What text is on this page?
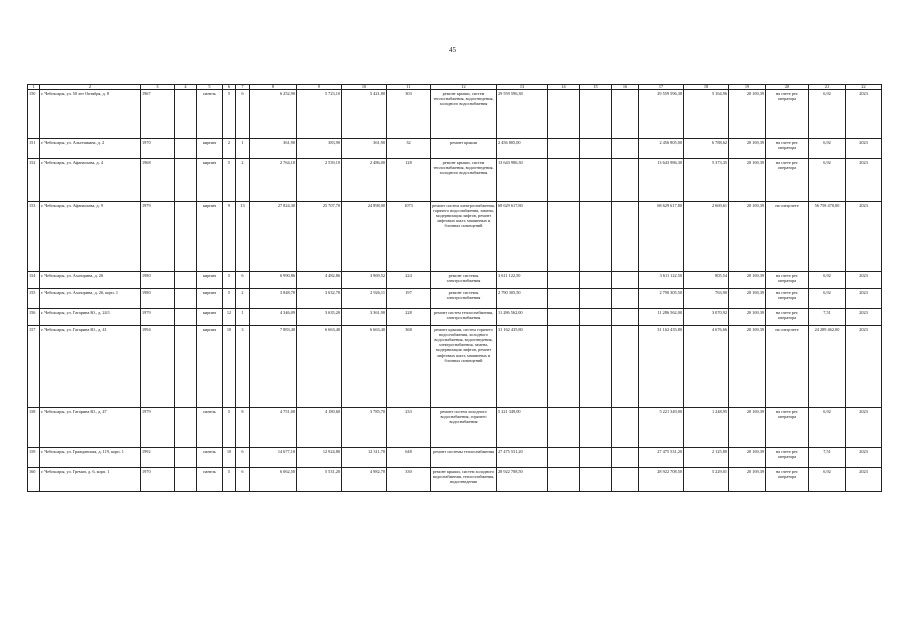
45
1	2	3	4	5	6	7	8	9	10	11	12	13	14	15	16	17	18	19	20	21	22
150	г. Чебоксары, ул. 50 лет Октября, д. 8	1967		панель	5	6	6 252,90	5 723,10	5 421,80	303	ремонт крыши, систем теплоснабжения, водоотведения, холодного водоснабжения	29 559 596,38				29 559 596,38	5 164,96	20 169,39	на счете рег. оператора	6,92	2023
151	г. Чебоксары, ул. Альгешкина, д. 2	1970		кирпич	2	1	361,90	383,90	361,90	32	ремонт крыши	2 456 805,00				2 456 805,00	6 788,62	20 169,39	на счете рег. оператора	6,92	2023
152	г. Чебоксары, ул. Афанасьева, д. 4	1968		кирпич	5	2	2 764,10	2 539,10	2 486,00	128	ремонт крыши, систем теплоснабжения, водоотведения, холодного водоснабжения	13 643 986,30				13 643 986,30	5 373,35	20 169,39	на счете рег. оператора	6,92	2023
153	г. Чебоксары, ул. Афанасьева, д. 9	1979		кирпич	9	13	27 824,30	25 707,70	24 898,00	1073	ремонт систем электроснабжения, горячего водоснабжения, замена, модернизация лифтов, ремонт лифтовых шахт, машинных и блочных помещений	68 629 617,80				68 629 617,80	2 669,61	20 169,39	на спецсчете	56 758 470,00	2023
154	г. Чебоксары, ул. Ахазорина, д. 26	1980		кирпич	5	6	6 990,86	4 482,86	3 969,52	224	ремонт системы электроснабжения	3 611 122,50				3 611 122,50	805,54	20 169,39	на счете рег. оператора	6,92	2023
155	г. Чебоксары, ул. Ахазорина, д. 26, корп. 1	1980		кирпич	5	2	3 848,78	3 632,78	2 926,11	197	ремонт системы электроснабжения	2 790 305,50				2 790 305,50	763,90	20 169,39	на счете рег. оператора	6,92	2023
156	г. Чебоксары, ул. Гагарина Ю., д. 24/1	1979		кирпич	12	1	4 346,09	3 635,20	3 361,90	228	ремонт систем теплоснабжения, электроснабжения	11 286 562,00				11 286 562,00	3 070,92	20 169,39	на счете рег. оператора	7,51	2023
157	г. Чебоксары, ул. Гагарина Ю., д. 41	1994		кирпич	10	3	7 883,40	6 663,40	6 663,40	368	ремонт крыши, систем горячего водоснабжения, холодного водоснабжения, водоотведения, электроснабжения, замена, модернизация лифтов, ремонт лифтовых шахт, машинных и блочных помещений	31 162 435,80				31 162 435,80	4 676,66	20 169,39	на спецсчете	24 289 462,00	2023
158	г. Чебоксары, ул. Гагарина Ю., д. 47	1979		панель	5	8	4 751,00	4 180,60	3 785,70	233	ремонт систем холодного водоснабжения, горячего водоснабжения	5 221 349,00				5 221 349,00	1 248,95	20 169,39	на счете рег. оператора	6,92	2023
159	г. Чебоксары, ул. Гражданская, д. 119, корп. 1	1992		панель	10	6	14 677,10	12 924,80	12 311,70	648	ремонт системы теплоснабжения	27 475 531,20				27 475 531,20	2 125,80	20 169,39	на счете рег. оператора	7,51	2023
160	г. Чебоксары, ул. Гремяч, д. 6, корп. 1	1970		панель	5	6	6 062,50	5 531,20	4 982,70	330	ремонт крыши, систем холодного водоснабжения, теплоснабжения, водоотведения	28 922 708,50				28 922 708,50	5 229,01	20 169,39	на счете рег. оператора	6,92	2023
